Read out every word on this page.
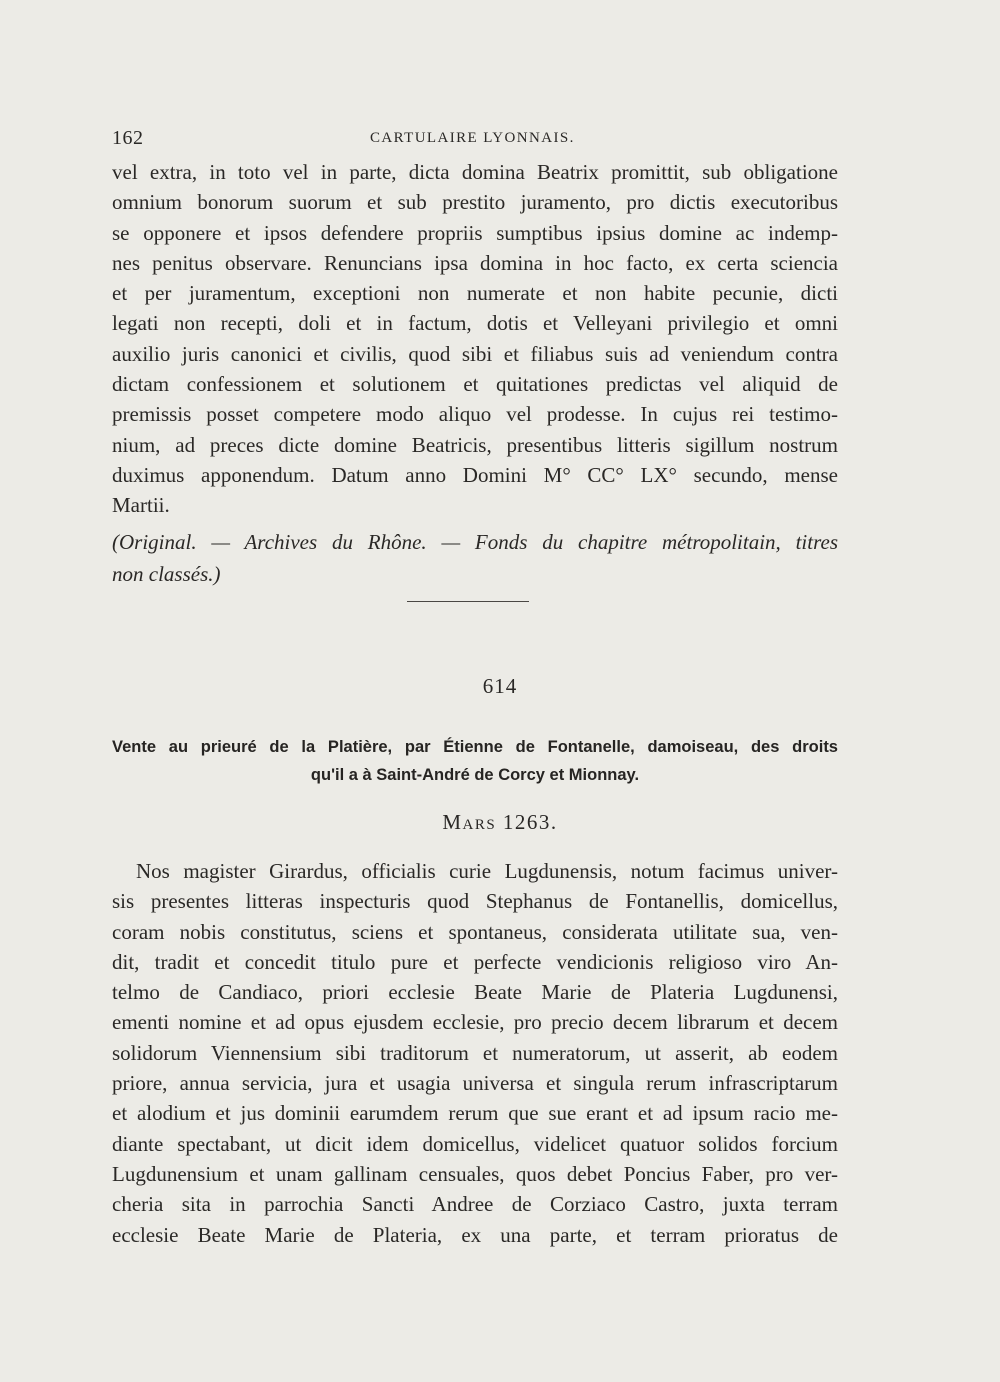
162	CARTULAIRE LYONNAIS.
vel extra, in toto vel in parte, dicta domina Beatrix promittit, sub obligatione
omnium bonorum suorum et sub prestito juramento, pro dictis executoribus
se opponere et ipsos defendere propriis sumptibus ipsius domine ac indemp-
nes penitus observare. Renuncians ipsa domina in hoc facto, ex certa sciencia
et per juramentum, exceptioni non numerate et non habite pecunie, dicti
legati non recepti, doli et in factum, dotis et Velleyani privilegio et omni
auxilio juris canonici et civilis, quod sibi et filiabus suis ad veniendum contra
dictam confessionem et solutionem et quitationes predictas vel aliquid de
premissis posset competere modo aliquo vel prodesse. In cujus rei testimo-
nium, ad preces dicte domine Beatricis, presentibus litteris sigillum nostrum
duximus apponendum. Datum anno Domini M° CC° LX° secundo, mense
Martii.
(Original. — Archives du Rhône. — Fonds du chapitre métropolitain, titres
non classés.)
614
Vente au prieuré de la Platière, par Étienne de Fontanelle, damoiseau, des droits
qu'il a à Saint-André de Corcy et Mionnay.
Mars 1263.
Nos magister Girardus, officialis curie Lugdunensis, notum facimus univer-
sis presentes litteras inspecturis quod Stephanus de Fontanellis, domicellus,
coram nobis constitutus, sciens et spontaneus, considerata utilitate sua, ven-
dit, tradit et concedit titulo pure et perfecte vendicionis religioso viro An-
telmo de Candiaco, priori ecclesie Beate Marie de Plateria Lugdunensi,
ementi nomine et ad opus ejusdem ecclesie, pro precio decem librarum et decem
solidorum Viennensium sibi traditorum et numeratorum, ut asserit, ab eodem
priore, annua servicia, jura et usagia universa et singula rerum infrascriptarum
et alodium et jus dominii earumdem rerum que sue erant et ad ipsum racio me-
diante spectabant, ut dicit idem domicellus, videlicet quatuor solidos forcium
Lugdunensium et unam gallinam censuales, quos debet Poncius Faber, pro ver-
cheria sita in parrochia Sancti Andree de Corziaco Castro, juxta terram
ecclesie Beate Marie de Plateria, ex una parte, et terram prioratus de
